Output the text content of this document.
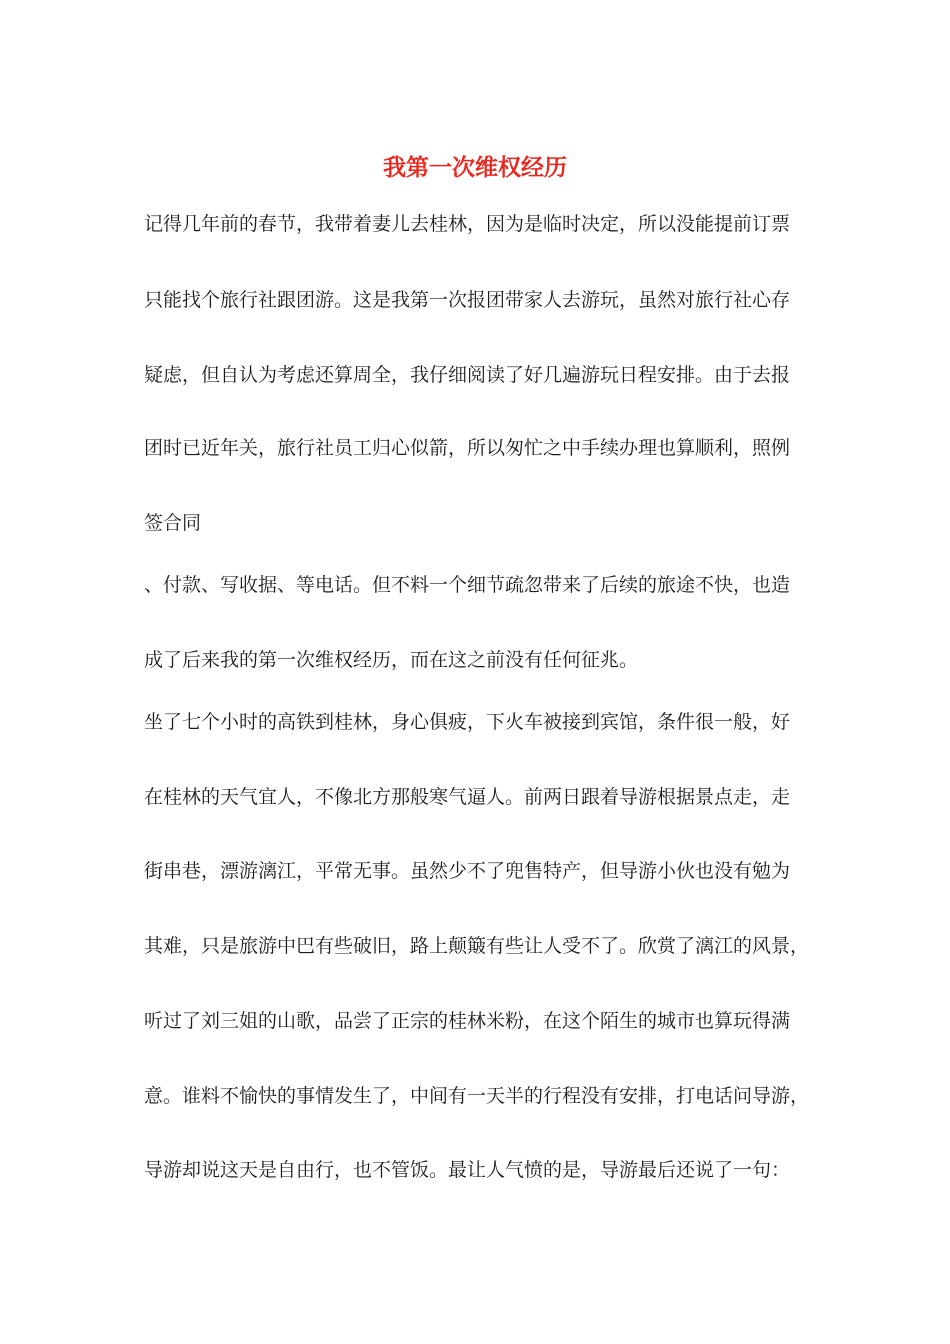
我第一次维权经历
记得几年前的春节，我带着妻儿去桂林，因为是临时决定，所以没能提前订票
只能找个旅行社跟团游。这是我第一次报团带家人去游玩，虽然对旅行社心存
疑虑，但自认为考虑还算周全，我仔细阅读了好几遍游玩日程安排。由于去报
团时已近年关，旅行社员工归心似箭，所以匆忙之中手续办理也算顺利，照例
签合同
、付款、写收据、等电话。但不料一个细节疏忽带来了后续的旅途不快，也造
成了后来我的第一次维权经历，而在这之前没有任何征兆。
坐了七个小时的高铁到桂林，身心俱疲，下火车被接到宾馆，条件很一般，好
在桂林的天气宜人，不像北方那般寒气逼人。前两日跟着导游根据景点走，走
街串巷，漂游漓江，平常无事。虽然少不了兜售特产，但导游小伙也没有勉为
其难，只是旅游中巴有些破旧，路上颠簸有些让人受不了。欣赏了漓江的风景，
听过了刘三姐的山歌，品尝了正宗的桂林米粉，在这个陌生的城市也算玩得满
意。谁料不愉快的事情发生了，中间有一天半的行程没有安排，打电话问导游，
导游却说这天是自由行，也不管饭。最让人气愤的是，导游最后还说了一句：
